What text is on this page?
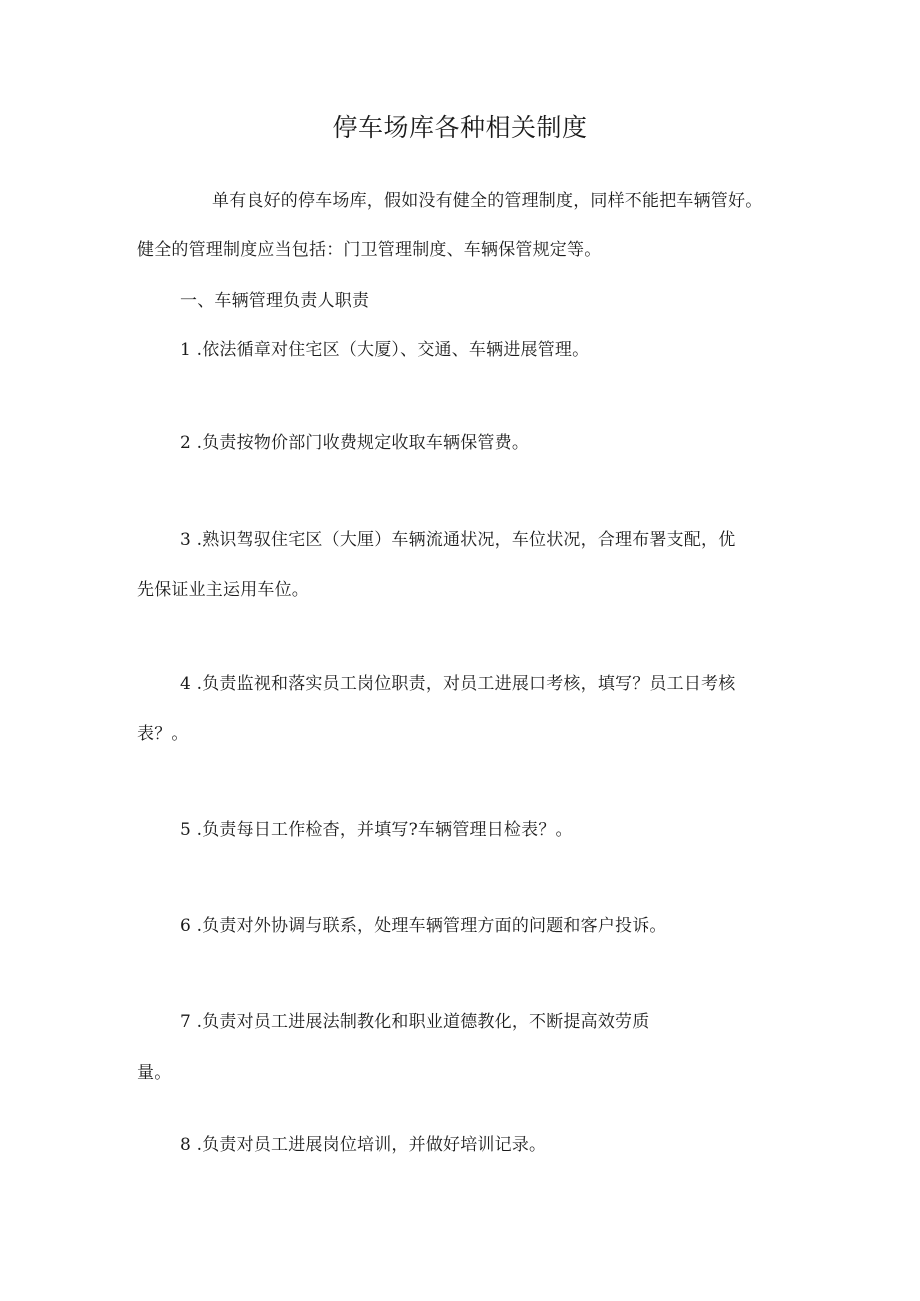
停车场库各种相关制度
单有良好的停车场库，假如没有健全的管理制度，同样不能把车辆管好。
健全的管理制度应当包括：门卫管理制度、车辆保管规定等。
一、车辆管理负责人职责
1 .依法循章对住宅区（大厦）、交通、车辆进展管理。
2 .负责按物价部门收费规定收取车辆保管费。
3 .熟识驾驭住宅区（大厘）车辆流通状况，车位状况，合理布署支配，优
先保证业主运用车位。
4 .负责监视和落实员工岗位职责，对员工进展口考核，填写？员工日考核
表？。
5 .负责每日工作检杳，并填写?车辆管理日检表？。
6 .负责对外协调与联系，处理车辆管理方面的问题和客户投诉。
7 .负责对员工进展法制教化和职业道德教化，不断提高效劳质
量。
8 .负责对员工进展岗位培训，并做好培训记录。
